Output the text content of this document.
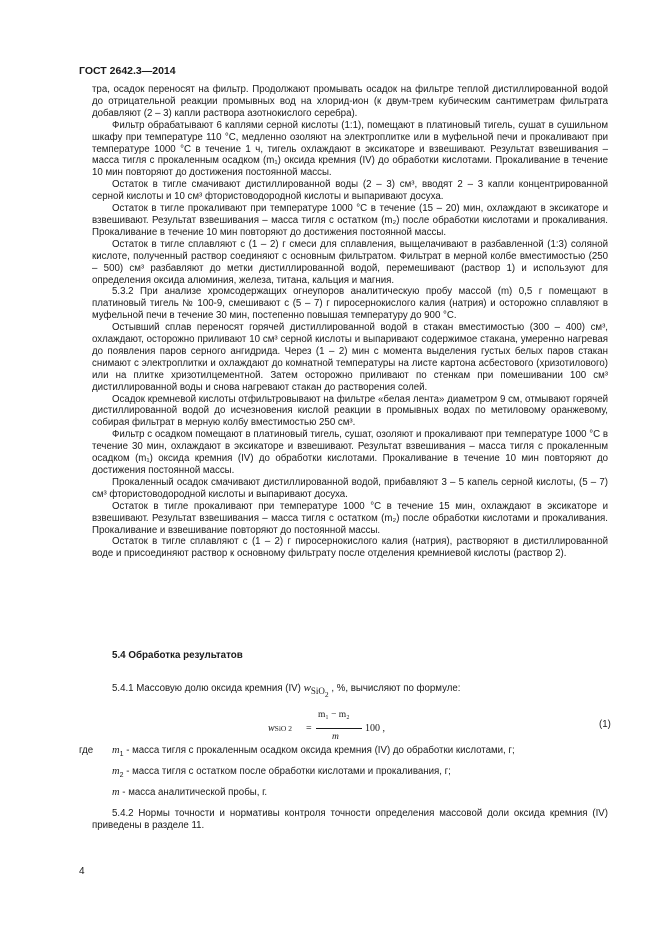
ГОСТ 2642.3—2014

тра, осадок переносят на фильтр. Продолжают промывать осадок на фильтре теплой дистиллированной водой до отрицательной реакции промывных вод на хлорид-ион (к двум-трем кубическим сантиметрам фильтрата добавляют (2 – 3) капли раствора азотнокислого серебра).

Фильтр обрабатывают 6 каплями серной кислоты (1:1), помещают в платиновый тигель, сушат в сушильном шкафу при температуре 110 °C, медленно озоляют на электроплитке или в муфельной печи и прокаливают при температуре 1000 °C в течение 1 ч, тигель охлаждают в эксикаторе и взвешивают. Результат взвешивания – масса тигля с прокаленным осадком (m₁) оксида кремния (IV) до обработки кислотами. Прокаливание в течение 10 мин повторяют до достижения постоянной массы.

Остаток в тигле смачивают дистиллированной воды (2 – 3) см³, вводят 2 – 3 капли концентрированной серной кислоты и 10 см³ фтористоводородной кислоты и выпаривают досуха.

Остаток в тигле прокаливают при температуре 1000 °C в течение (15 – 20) мин, охлаждают в эксикаторе и взвешивают. Результат взвешивания – масса тигля с остатком (m₂) после обработки кислотами и прокаливания. Прокаливание в течение 10 мин повторяют до достижения постоянной массы.

Остаток в тигле сплавляют с (1 – 2) г смеси для сплавления, выщелачивают в разбавленной (1:3) соляной кислоте, полученный раствор соединяют с основным фильтратом. Фильтрат в мерной колбе вместимостью (250 – 500) см³ разбавляют до метки дистиллированной водой, перемешивают (раствор 1) и используют для определения оксида алюминия, железа, титана, кальция и магния.

5.3.2 При анализе хромсодержащих огнеупоров аналитическую пробу массой (m) 0,5 г помещают в платиновый тигель № 100-9, смешивают с (5 – 7) г пиросернокислого калия (натрия) и осторожно сплавляют в муфельной печи в течение 30 мин, постепенно повышая температуру до 900 °C.

Остывший сплав переносят горячей дистиллированной водой в стакан вместимостью (300 – 400) см³, охлаждают, осторожно приливают 10 см³ серной кислоты и выпаривают содержимое стакана, умеренно нагревая до появления паров серного ангидрида. Через (1 – 2) мин с момента выделения густых белых паров стакан снимают с электроплитки и охлаждают до комнатной температуры на листе картона асбестового (хризотилового) или на плитке хризотилцементной. Затем осторожно приливают по стенкам при помешивании 100 см³ дистиллированной воды и снова нагревают стакан до растворения солей.

Осадок кремневой кислоты отфильтровывают на фильтре «белая лента» диаметром 9 см, отмывают горячей дистиллированной водой до исчезновения кислой реакции в промывных водах по метиловому оранжевому, собирая фильтрат в мерную колбу вместимостью 250 см³.

Фильтр с осадком помещают в платиновый тигель, сушат, озоляют и прокаливают при температуре 1000 °C в течение 30 мин, охлаждают в эксикаторе и взвешивают. Результат взвешивания – масса тигля с прокаленным осадком (m₁) оксида кремния (IV) до обработки кислотами. Прокаливание в течение 10 мин повторяют до достижения постоянной массы.

Прокаленный осадок смачивают дистиллированной водой, прибавляют 3 – 5 капель серной кислоты, (5 – 7) см³ фтористоводородной кислоты и выпаривают досуха.

Остаток в тигле прокаливают при температуре 1000 °C в течение 15 мин, охлаждают в эксикаторе и взвешивают. Результат взвешивания – масса тигля с остатком (m₂) после обработки кислотами и прокаливания. Прокаливание и взвешивание повторяют до постоянной массы.

Остаток в тигле сплавляют с (1 – 2) г пиросернокислого калия (натрия), растворяют в дистиллированной воде и присоединяют раствор к основному фильтрату после отделения кремниевой кислоты (раствор 2).

5.4 Обработка результатов
5.4.1 Массовую долю оксида кремния (IV) $w_{SiO_2}$ , %, вычисляют по формуле:
wSiO 2 =
m₁ − m₂
m
100 ,	(1)
где $m_1$ - масса тигля с прокаленным осадком оксида кремния (IV) до обработки кислотами, г;
$m_2$ - масса тигля с остатком после обработки кислотами и прокаливания, г;
m - масса аналитической пробы, г.
5.4.2 Нормы точности и нормативы контроля точности определения массовой доли оксида кремния (IV) приведены в разделе 11.
4
